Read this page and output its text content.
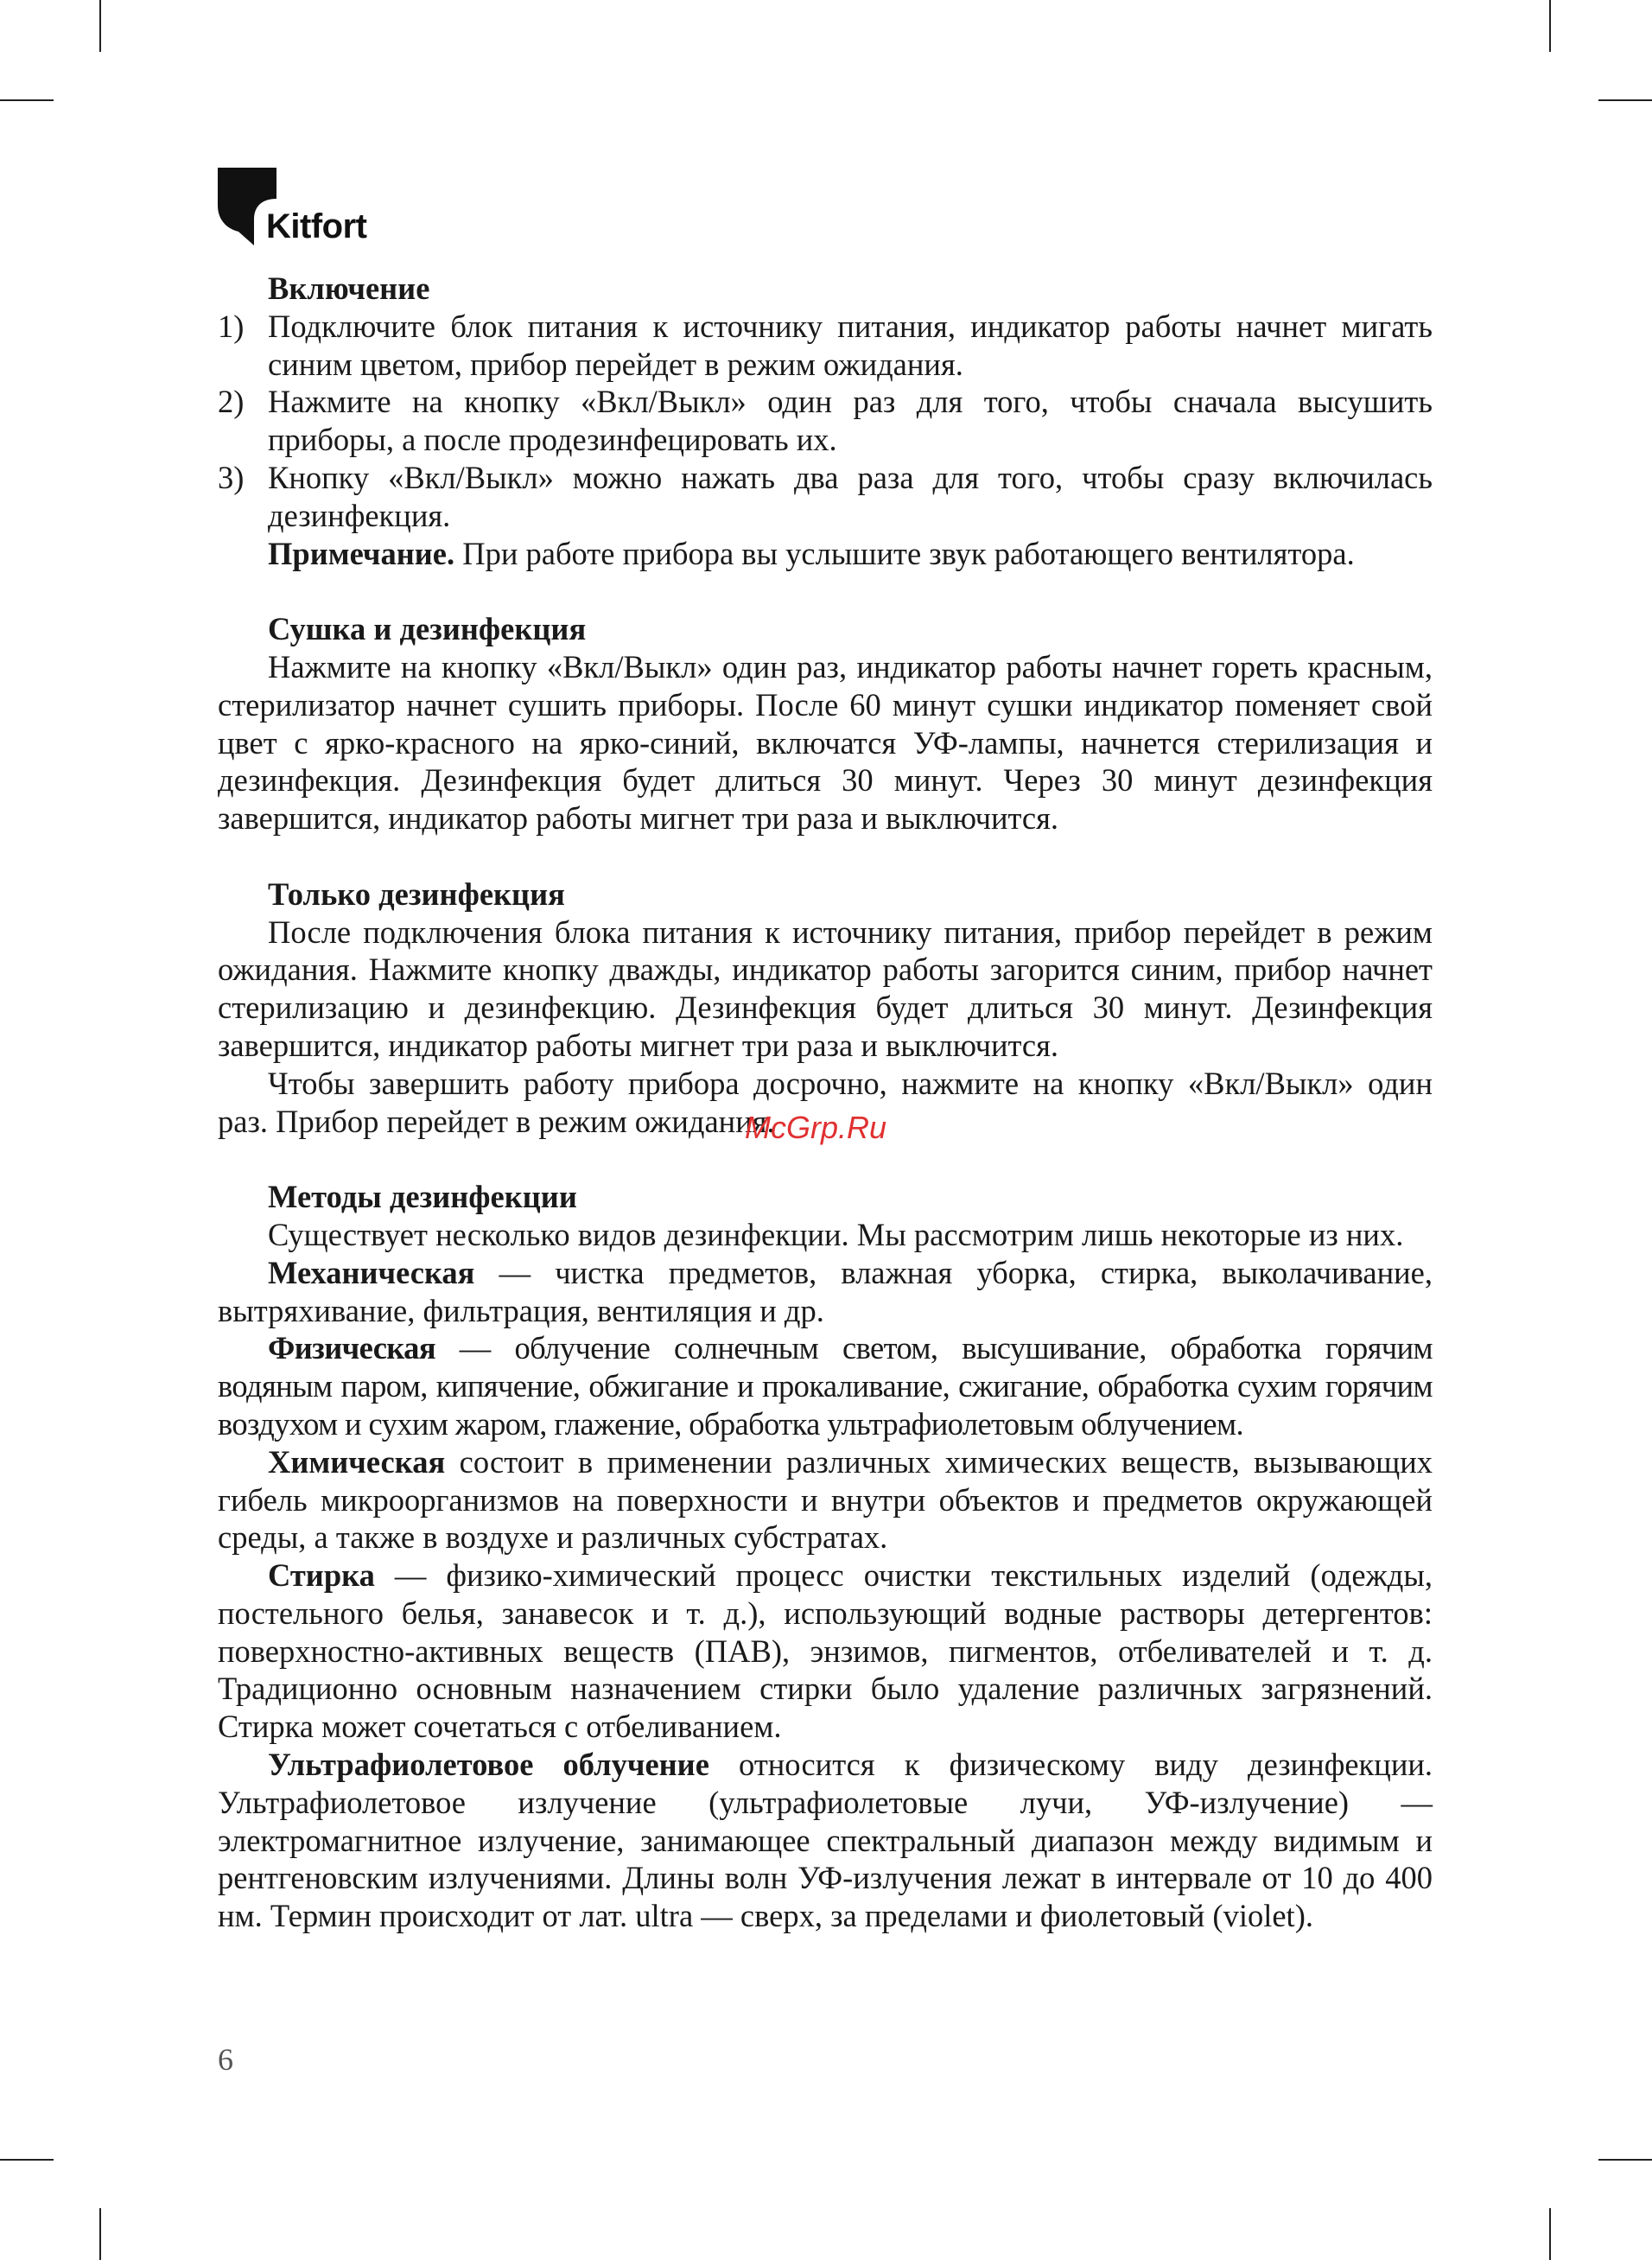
Kitfort
Включение
1) Подключите блок питания к источнику питания, индикатор работы начнет мигать синим цветом, прибор перейдет в режим ожидания.
2) Нажмите на кнопку «Вкл/Выкл» один раз для того, чтобы сначала высушить приборы, а после продезинфецировать их.
3) Кнопку «Вкл/Выкл» можно нажать два раза для того, чтобы сразу включилась дезинфекция.

Примечание. При работе прибора вы услышите звук работающего вентилятора.

Сушка и дезинфекция

Нажмите на кнопку «Вкл/Выкл» один раз, индикатор работы начнет гореть красным, стерилизатор начнет сушить приборы. После 60 минут сушки индикатор поменяет свой цвет с ярко-красного на ярко-синий, включатся УФ-лампы, начнется стерилизация и дезинфекция. Дезинфекция будет длиться 30 минут. Через 30 минут дезинфекция завершится, индикатор работы мигнет три раза и выключится.

Только дезинфекция

После подключения блока питания к источнику питания, прибор перейдет в режим ожидания. Нажмите кнопку дважды, индикатор работы загорится синим, прибор начнет стерилизацию и дезинфекцию. Дезинфекция будет длиться 30 минут. Дезинфекция завершится, индикатор работы мигнет три раза и выключится.

Чтобы завершить работу прибора досрочно, нажмите на кнопку «Вкл/Выкл» один раз. Прибор перейдет в режим ожидания.

Методы дезинфекции

Существует несколько видов дезинфекции. Мы рассмотрим лишь некоторые из них.

Механическая — чистка предметов, влажная уборка, стирка, выколачивание, вытряхивание, фильтрация, вентиляция и др.

Физическая — облучение солнечным светом, высушивание, обработка горячим водяным паром, кипячение, обжигание и прокаливание, сжигание, обработка сухим горячим воздухом и сухим жаром, глажение, обработка ультрафиолетовым облучением.

Химическая состоит в применении различных химических веществ, вызывающих гибель микроорганизмов на поверхности и внутри объектов и предметов окружающей среды, а также в воздухе и различных субстратах.

Стирка — физико-химический процесс очистки текстильных изделий (одежды, постельного белья, занавесок и т. д.), использующий водные растворы детергентов: поверхностно-активных веществ (ПАВ), энзимов, пигментов, отбеливателей и т. д. Традиционно основным назначением стирки было удаление различных загрязнений. Стирка может сочетаться с отбеливанием.

Ультрафиолетовое облучение относится к физическому виду дезинфекции. Ультрафиолетовое излучение (ультрафиолетовые лучи, УФ-излучение) — электромагнитное излучение, занимающее спектральный диапазон между видимым и рентгеновским излучениями. Длины волн УФ-излучения лежат в интервале от 10 до 400 нм. Термин происходит от лат. ultra — сверх, за пределами и фиолетовый (violet).

McGrp.Ru
6
